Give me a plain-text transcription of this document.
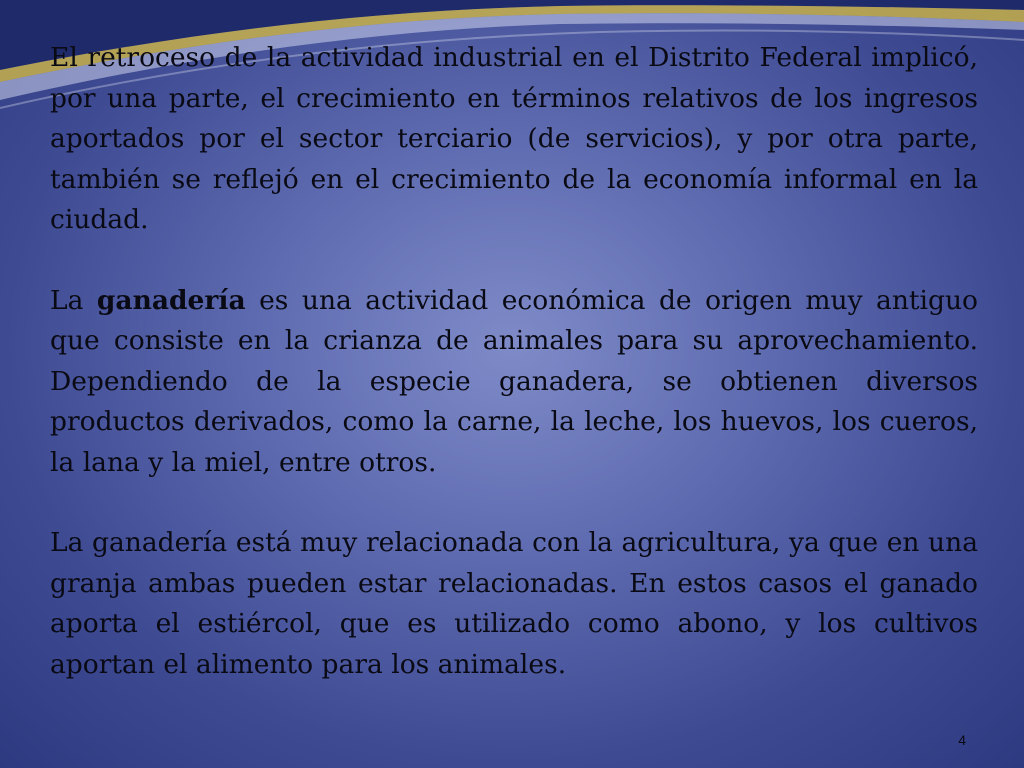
El retroceso de la actividad industrial en el Distrito Federal implicó, por una parte, el crecimiento en términos relativos de los ingresos aportados por el sector terciario (de servicios), y por otra parte, también se reflejó en el crecimiento de la economía informal en la ciudad.

La ganadería es una actividad económica de origen muy antiguo que consiste en la crianza de animales para su aprovechamiento. Dependiendo de la especie ganadera, se obtienen diversos productos derivados, como la carne, la leche, los huevos, los cueros, la lana y la miel, entre otros.

La ganadería está muy relacionada con la agricultura, ya que en una granja ambas pueden estar relacionadas. En estos casos el ganado aporta el estiércol, que es utilizado como abono, y los cultivos aportan el alimento para los animales.

4
